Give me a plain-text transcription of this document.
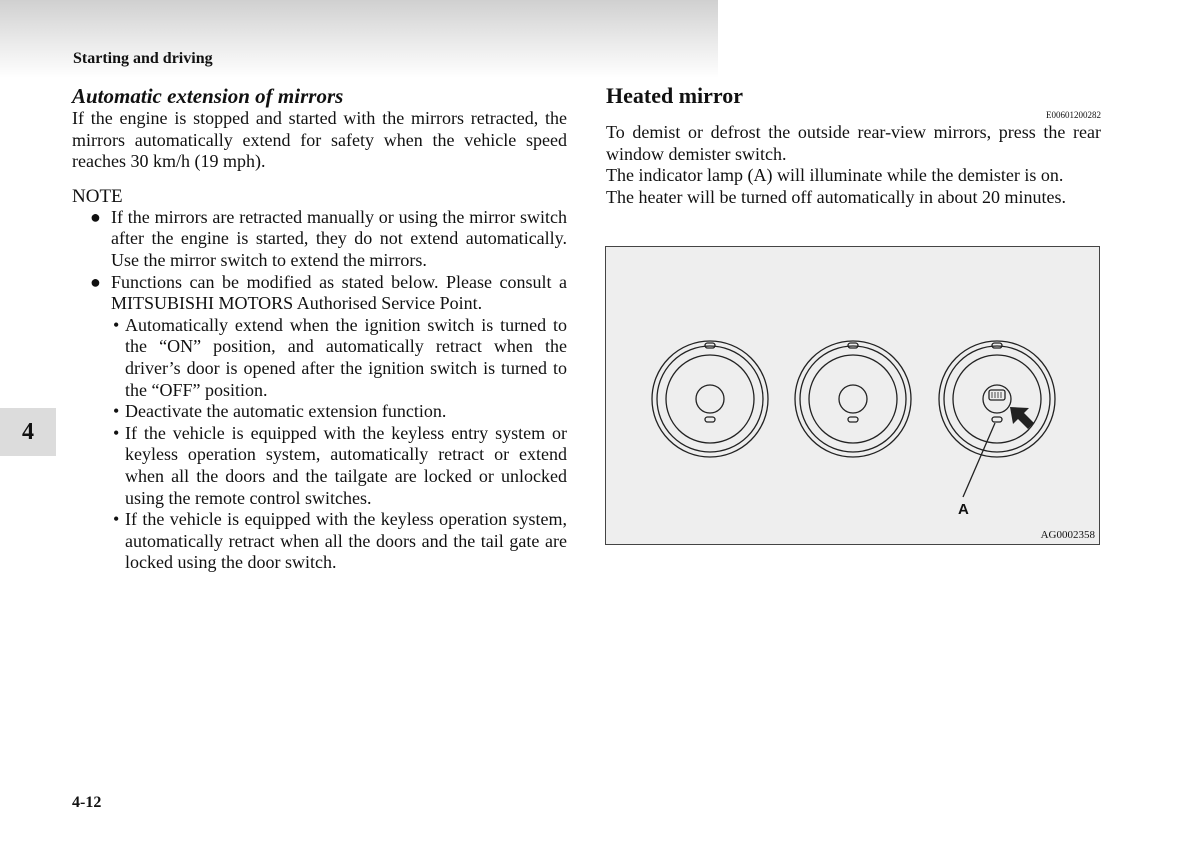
Starting and driving
4
Automatic extension of mirrors

If the engine is stopped and started with the mirrors retracted, the mirrors automatically extend for safety when the vehicle speed reaches 30 km/h (19 mph).

NOTE

● If the mirrors are retracted manually or using the mirror switch after the engine is started, they do not extend automatically. Use the mirror switch to extend the mirrors.
● Functions can be modified as stated below. Please consult a MITSUBISHI MOTORS Authorised Service Point.
• Automatically extend when the ignition switch is turned to the “ON” position, and automatically retract when the driver’s door is opened after the ignition switch is turned to the “OFF” position.
• Deactivate the automatic extension function.
• If the vehicle is equipped with the keyless entry system or keyless operation system, automatically retract or extend when all the doors and the tailgate are locked or unlocked using the remote control switches.
• If the vehicle is equipped with the keyless operation system, automatically retract when all the doors and the tail gate are locked using the door switch.
Heated mirror

E00601200282

To demist or defrost the outside rear-view mirrors, press the rear window demister switch.

The indicator lamp (A) will illuminate while the demister is on.

The heater will be turned off automatically in about 20 minutes.

A

AG0002358

4-12
